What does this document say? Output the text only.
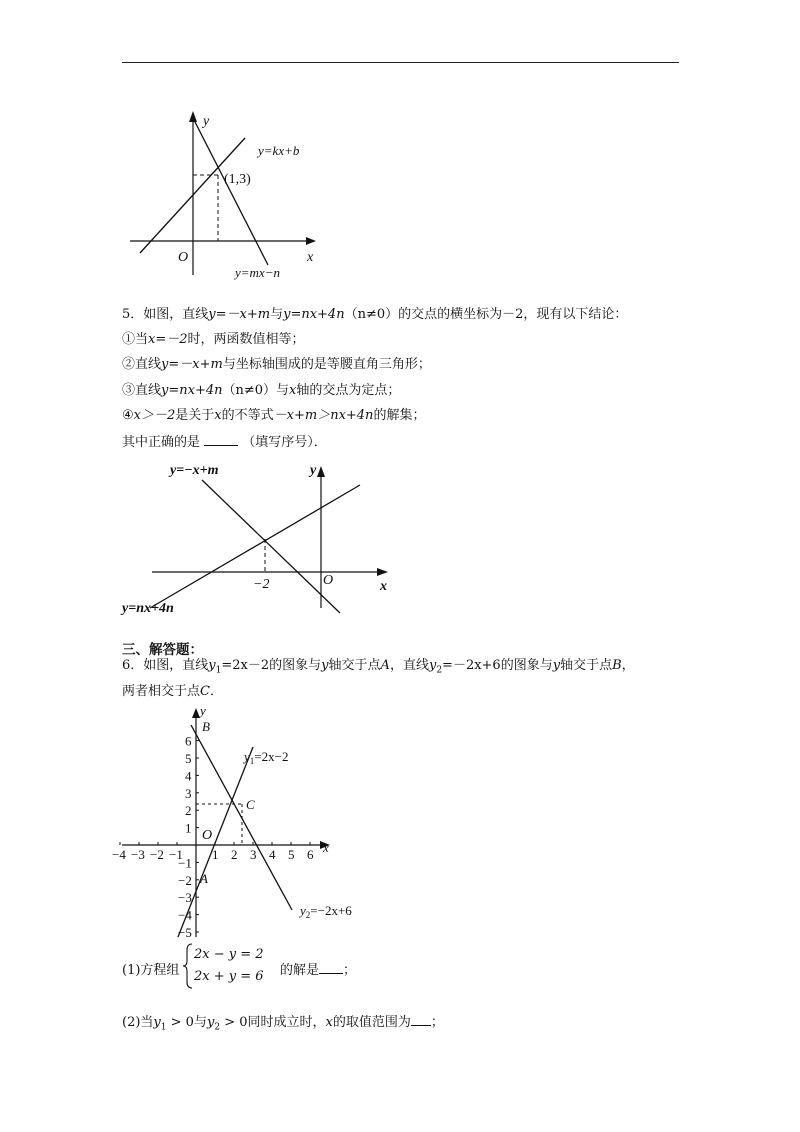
y
x
O
y=kx+b
(1,3)
y=mx−n
5．如图，直线y=－x+m与y=nx+4n（n≠0）的交点的横坐标为－2，现有以下结论：
①当x=－2时，两函数值相等；
②直线y=－x+m与坐标轴围成的是等腰直角三角形；
③直线y=nx+4n（n≠0）与x轴的交点为定点；
④x＞－2是关于x的不等式－x+m＞nx+4n的解集；
其中正确的是	（填写序号）．
y=−x+m	y
x
O
−2
y=nx+4n
三、解答题：
6．如图，直线$y_1=2x-2$的图象与y轴交于点A，直线$y_2=-2x+6$的图象与y轴交于点B，
两者相交于点C．
−4 −3 −2 −1 1 2 3 4 5 6
6
5
4
3
2
1
−1
−2
−3
−4
−5
y
x
O
A
B
C
$y_1=2x-2$
$y_2=-2x+6$
(1)方程组
2x − y = 2
2x + y = 6 的解是 ；
(2)当$y_1 > 0$与$y_2 > 0$同时成立时，x的取值范围为 ；
